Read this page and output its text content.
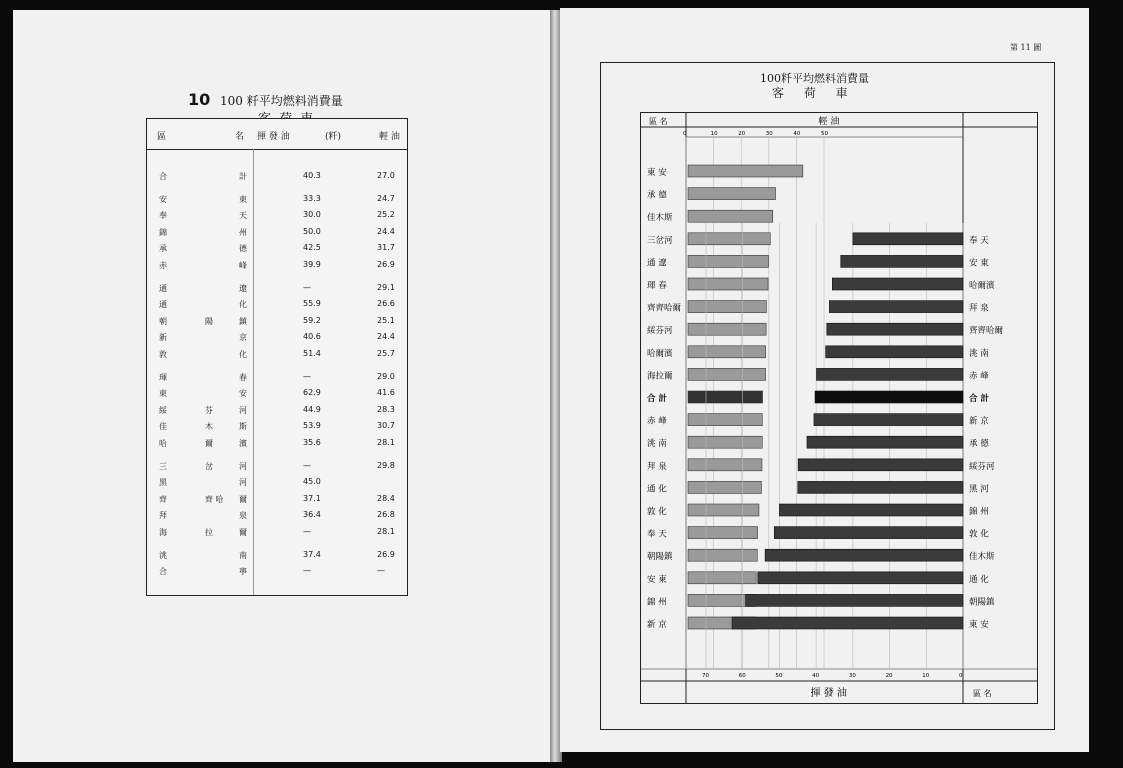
10 100 粁平均燃料消費量
區	名 揮 發 油	(粁)	輕 油
合	計	40.3	27.0
安	東	33.3	24.7
奉	天	30.0	25.2
錦	州	50.0	24.4
承	德	42.5	31.7
赤	峰	39.9	26.9
通	遼	—	29.1
通	化	55.9	26.6
朝	陽	鎮	59.2	25.1
新	京	40.6	24.4
敦	化	51.4	25.7
琿	春	—	29.0
東	安	62.9	41.6
綏	芬	河	44.9	28.3
佳	木	斯	53.9	30.7
哈	爾	濱	35.6	28.1
三	岔	河	—	29.8
黑	河	45.0
齊	齊 哈 爾	37.1	28.4
拜	泉	36.4	26.8
海	拉	爾	—	28.1
洮	南	37.4	26.9
合	寧	—	—
第 11 圖
100粁平均燃料消費量
客 荷 車
區 名	輕 油
揮 發 油	區 名
0	10	20	30	40	50
東 安
承 德
佳木斯
三岔河
通 遼
琿 春
齊齊哈爾
綏芬河
哈爾濱
海拉爾
合 計
赤 峰
洮 南
拜 泉
通 化
敦 化
奉 天
朝陽鎮
安 東
錦 州
新 京
70	60	50	40	30	20	10	0
奉 天
安 東
哈爾濱
拜 泉
齊齊哈爾
洮 南
赤 峰
合 計
新 京
承 德
綏芬河
黑 河
錦 州
敦 化
佳木斯
通 化
朝陽鎮
東 安
